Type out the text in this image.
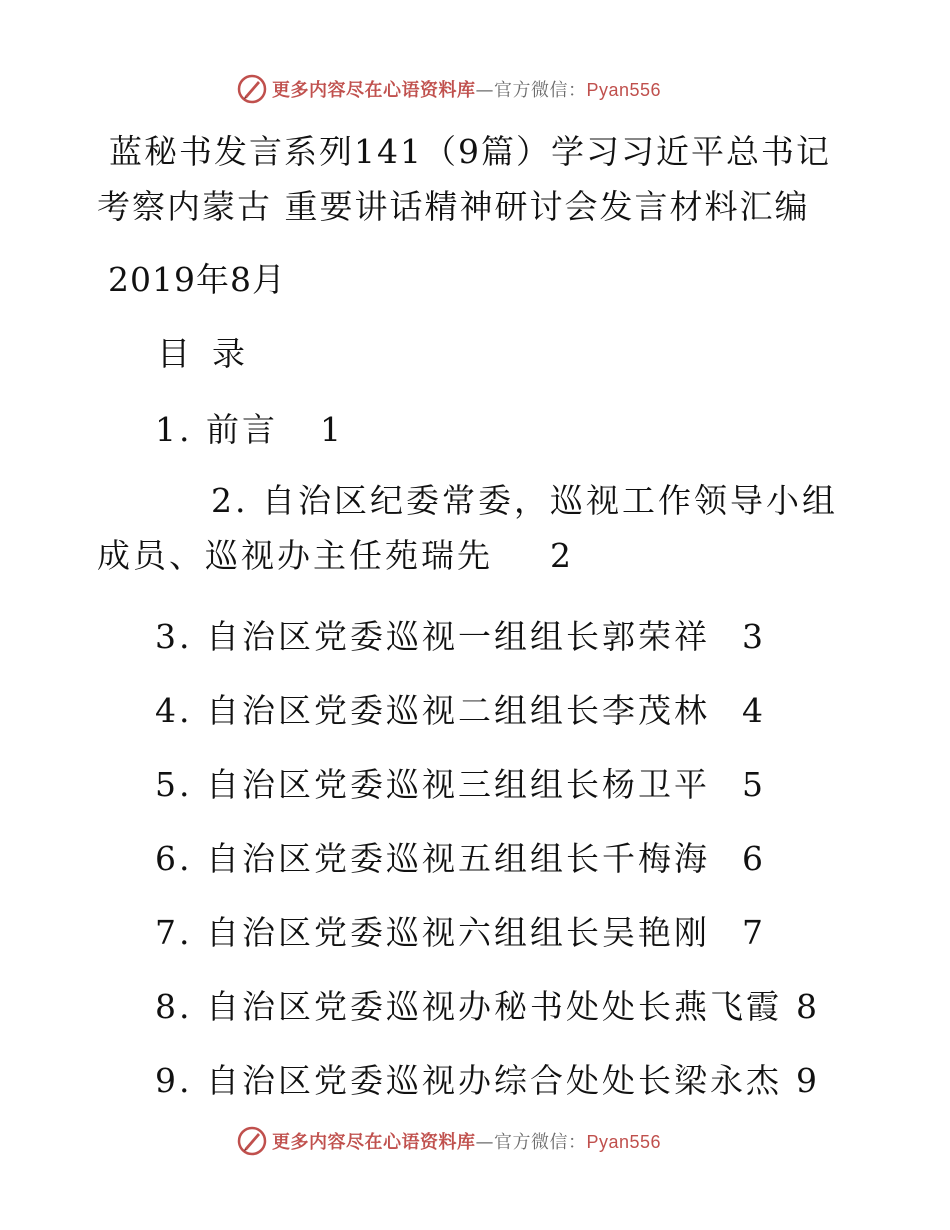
更多内容尽在心语资料库—官方微信：Pyan556
蓝秘书发言系列141（9篇）学习习近平总书记考察内蒙古 重要讲话精神研讨会发言材料汇编
2019年8月
目录
1. 前言 1
2. 自治区纪委常委，巡视工作领导小组成员、巡视办主任苑瑞先 2
3. 自治区党委巡视一组组长郭荣祥 3
4. 自治区党委巡视二组组长李茂林 4
5. 自治区党委巡视三组组长杨卫平 5
6. 自治区党委巡视五组组长千梅海 6
7. 自治区党委巡视六组组长吴艳刚 7
8. 自治区党委巡视办秘书处处长燕飞霞 8
9. 自治区党委巡视办综合处处长梁永杰 9
更多内容尽在心语资料库—官方微信：Pyan556
